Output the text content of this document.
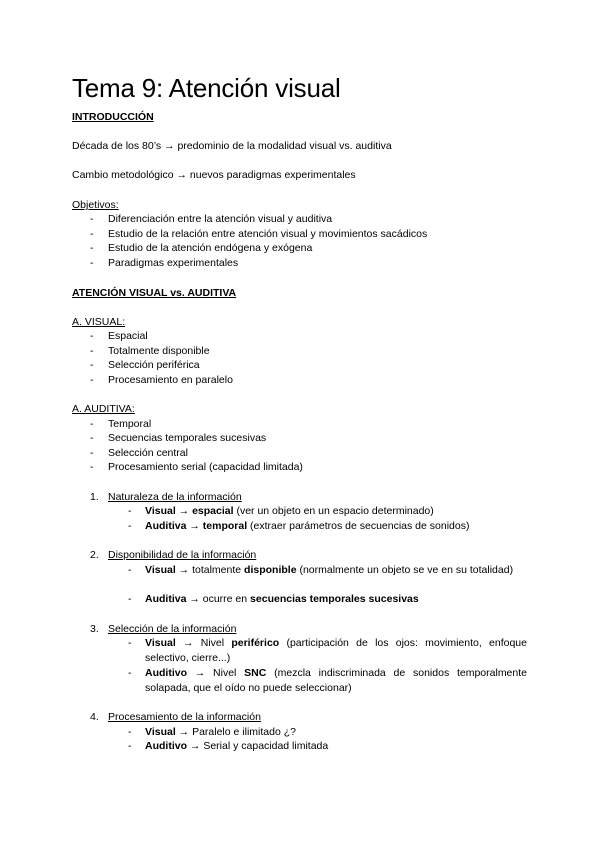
Tema 9: Atención visual
INTRODUCCIÓN
Década de los 80’s → predominio de la modalidad visual vs. auditiva
Cambio metodológico → nuevos paradigmas experimentales
Objetivos:
- Diferenciación entre la atención visual y auditiva
- Estudio de la relación entre atención visual y movimientos sacádicos
- Estudio de la atención endógena y exógena
- Paradigmas experimentales
ATENCIÓN VISUAL vs. AUDITIVA
A. VISUAL:
- Espacial
- Totalmente disponible
- Selección periférica
- Procesamiento en paralelo
A. AUDITIVA:
- Temporal
- Secuencias temporales sucesivas
- Selección central
- Procesamiento serial (capacidad limitada)
1. Naturaleza de la información
- Visual → espacial (ver un objeto en un espacio determinado)
- Auditiva → temporal (extraer parámetros de secuencias de sonidos)
2. Disponibilidad de la información
- Visual → totalmente disponible (normalmente un objeto se ve en su totalidad)
- Auditiva → ocurre en secuencias temporales sucesivas
3. Selección de la información
- Visual → Nivel periférico (participación de los ojos: movimiento, enfoque selectivo, cierre...)
- Auditivo → Nivel SNC (mezcla indiscriminada de sonidos temporalmente solapada, que el oído no puede seleccionar)
4. Procesamiento de la información
- Visual → Paralelo e ilimitado ¿?
- Auditivo → Serial y capacidad limitada
